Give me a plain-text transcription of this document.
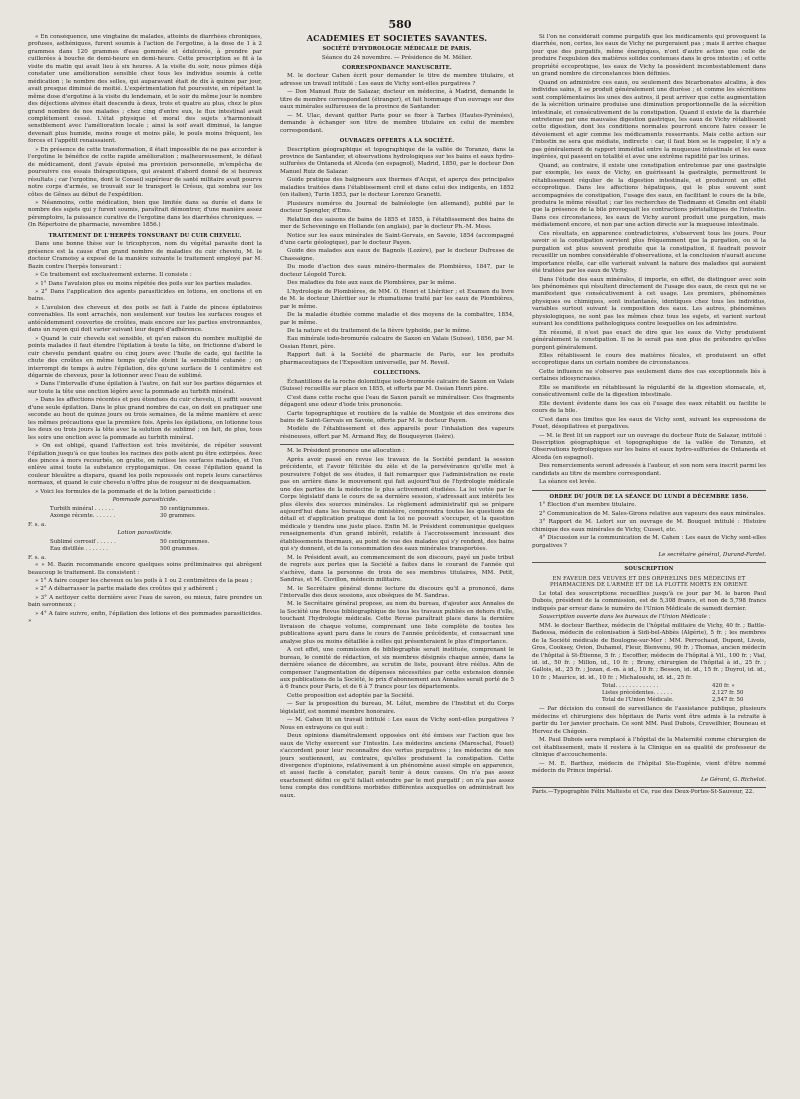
580

« En conséquence, une vingtaine de malades, atteints de diarrhées chroniques, profuses, asthéniques, furent soumis à l'action de l'ergotine, à la dose de 1 à 2 grammes dans 120 grammes d'eau gommée et édulcorée, à prendre par cuillerées à bouche de demi-heure en demi-heure. Cette prescription se fit à la visite du matin qui avait lieu à six heures. A la visite du soir, nous pûmes déjà constater une amélioration sensible chez tous les individus soumis à cette médication ; le nombre des selles, qui auparavant était de dix à quinze par jour, avait presque diminué de moitié. L'expérimentation fut poursuivie, en répétant la même dose d'ergotine à la visite du lendemain, et le soir du même jour le nombre des déjections alvines était descendu à deux, trois et quatre au plus, chez le plus grand nombre de nos malades ; chez cinq d'entre eux, le flux intestinal avait complétement cessé. L'état physique et moral des sujets s'harmonisait sensiblement avec l'amélioration locale ; ainsi la soif avait diminué, la langue devenait plus humide, moins rouge et moins pâle, le pouls moins fréquent, les forces et l'appétit renaissaient.

» En présence de cette transformation, il était impossible de ne pas accorder à l'ergotine le bénéfice de cette rapide amélioration ; malheureusement, le défaut de médicament, dont j'avais épuisé ma provision personnelle, m'empêcha de poursuivre ces essais thérapeutiques, qui avaient d'abord donné de si heureux résultats ; car l'ergotine, dont le Conseil supérieur de santé militaire avait pourvu notre corps d'armée, se trouvait sur le transport le Crésus, qui sombra sur les côtes de Gênes au début de l'expédition.

» Néanmoins, cette médication, bien que limitée dans sa durée et dans le nombre des sujets qui y furent soumis, paraîtrait démontrer, d'une manière assez péremptoire, la puissance curative de l'ergotine dans les diarrhées chroniques. — (In Répertoire de pharmacie, novembre 1856.)

TRAITEMENT DE L'HERPÈS TONSURANT DU CUIR CHEVELU.

Dans une bonne thèse sur le tricophycon, nom du végétal parasite dont la présence est la cause d'un grand nombre de maladies du cuir chevelu, M. le docteur Cramoisy a exposé de la manière suivante le traitement employé par M. Bazin contre l'herpès tonsurant :

» Ce traitement est exclusivement externe. Il consiste :

» 1° Dans l'avulsion plus ou moins répétée des poils sur les parties malades.

» 2° Dans l'application des agents parasiticides en lotions, en onctions et en bains.

» L'avulsion des cheveux et des poils se fait à l'aide de pinces épilatoires convenables. Ils sont arrachés, non seulement sur toutes les surfaces rouges et antécédemment couvertes de croûtes, mais encore sur les parties environnantes, dans un rayon qui doit varier suivant leur degré d'adhérence.

» Quand le cuir chevelu est sensible, et qu'en raison du nombre multiplié de points malades il faut étendre l'épilation à toute la tête, on frictionne d'abord le cuir chevelu pendant quatre ou cinq jours avec l'huile de cade, qui facilite la chute des croûtes en même temps qu'elle éteint la sensibilité cutanée ; on interrompt de temps à autre l'épilation, dès qu'une surface de 1 centimètre est dégarnie de cheveux, pour la lotionner avec l'eau de sublimé.

» Dans l'intervalle d'une épilation à l'autre, on fait sur les parties dégarnies et sur toute la tête une onction légère avec la pommade au turbith minéral.

» Dans les affections récentes et peu étendues du cuir chevelu, il suffit souvent d'une seule épilation. Dans le plus grand nombre de cas, on doit en pratiquer une seconde au bout de quinze jours ou trois semaines, de la même manière et avec les mêmes précautions que la première fois. Après les épilations, on lotionne tous les deux ou trois jours la tête avec la solution de sublimé ; on fait, de plus, tous les soirs une onction avec la pommade au turbith minéral.

» On est obligé, quand l'affection est très invétérée, de répéter souvent l'épilation jusqu'à ce que toutes les racines des poils aient pu être extirpées. Avec des pinces à mors recourbés, on gratte, on ratisse les surfaces malades, et l'on enlève ainsi toute la substance cryptogamique. On cesse l'épilation quand la couleur bleuâtre a disparu, quand les poils repoussés ont repris leurs caractères normaux, et quand le cuir chevelu n'offre plus de rougeur ni de desquamation.

» Voici les formules de la pommade et de la lotion parasiticide :

Pommade parasiticide.
Turbith minéral . . . . . .	50 centigrammes.
Axonge récente. . . . . . .	30 grammes.
F. s. a.
Lotion parasiticide.
Sublimé corrosif . . . . . .	50 centigrammes.
Eau distillée . . . . . . .	500 grammes.
F. s. a.

« » M. Bazin recommande encore quelques soins préliminaires qui abrègent beaucoup le traitement. Ils consistent :

» 1° A faire couper les cheveux ou les poils à 1 ou 2 centimètres de la peau ;

» 2° A débarrasser la partie malade des croûtes qui y adhèrent ;

» 3° A nettoyer cette dernière avec l'eau de savon, ou mieux, faire prendre un bain savonneux ;

» 4° A faire suivre, enfin, l'épilation des lotions et des pommades parasiticides. »

ACADÉMIES ET SOCIÉTÉS SAVANTES.
SOCIÉTÉ D'HYDROLOGIE MÉDICALE DE PARIS.
Séance du 24 novembre. — Présidence de M. Mélier.
CORRESPONDANCE MANUSCRITE.

M. le docteur Cahen écrit pour demander le titre de membre titulaire, et adresse un travail intitulé : Les eaux de Vichy sont-elles purgatives ?

— Don Manuel Ruiz de Salazar, docteur en médecine, à Madrid, demande le titre de membre correspondant (étranger), et fait hommage d'un ouvrage sur des eaux minérales sulfureuses de la province de Santander.

— M. Ulac, devant quitter Paris pour se fixer à Tarbes (Hautes-Pyrénées), demande à échanger son titre de membre titulaire en celui de membre correspondant.

OUVRAGES OFFERTS A LA SOCIÉTÉ.

Description géographique et topographique de la vallée de Toranzo, dans la province de Santander, et observations hydrologiques sur les bains et eaux hydro-sulfurées de Ontaneda et Alceda (en espagnol), Madrid, 1850, par le docteur Don Manuel Ruiz de Salazar.

Guide pratique des baigneurs aux thermes d'Acqui, et aperçu des principales maladies traitées dans l'établissement civil et dans celui des indigents, en 1852 (en italien), Turin 1853, par le docteur Lorenzo Granetti.

Plusieurs numéros du Journal de balnéologie (en allemand), publié par le docteur Spengler, d'Ems.

Relation des saisons de bains de 1855 et 1855, à l'établissement des bains de mer de Scheveningo en Hollande (en anglais), par le docteur Ph.-M. Mess.

Notice sur les eaux minérales de Saint-Gervais, en Savoie, 1854 (accompagné d'une carte géologique), par le docteur Payen.

Guide des malades aux eaux de Bagnols (Lozère), par le docteur Dufresse de Chassaigne.

Du mode d'action des eaux minéro-thermales de Plombières, 1847, par le docteur Léopold Turck.

Des maladies du foie aux eaux de Plombières, par le même.

L'hydrologie de Plombières, de MM. O. Henri et Lhéritier ; et Examen du livre de M. le docteur Lhéritier sur le rhumatisme traité par les eaux de Plombières, par le même.

De la maladie étudiée comme maladie et des moyens de la combattre, 1854, par le même.

De la nature et du traitement de la fièvre typhoïde, par le même.

Eau minérale iodo-bromurée calcaire de Saxon en Valais (Suisse), 1856, par M. Ossian Henri, père.

Rapport fait à la Société de pharmacie de Paris, sur les produits pharmaceutiques de l'Exposition universelle, par M. Reveil.

COLLECTIONS.

Échantillons de la roche dolomitique iodo-bromurée calcaire de Saxon en Valais (Suisse) recueillis sur place en 1855, et offerts par M. Ossian Henri père.

C'est dans cette roche que l'eau de Saxon paraît se minéraliser. Ces fragments dégagent une odeur d'iode très prononcée.

Carte topographique et routière de la vallée de Montjoie et des environs des bains de Saint-Gervais en Savoie, offerte par M. le docteur Payen.

Modèle de l'établissement et des appareils pour l'inhalation des vapeurs résineuses, offert par M. Armand Rey, de Bouqueyron (Isère).

M. le Président prononce une allocution :

Après avoir passé en revue les travaux de la Société pendant la session précédente, et l'avoir félicitée du zèle et de la persévérance qu'elle met à poursuivre l'objet de ses études, il fait remarquer que l'administration ne reste pas en arrière dans le mouvement qui fait aujourd'hui de l'hydrologie médicale une des parties de la médecine le plus activement étudiées. La loi votée par le Corps législatif dans le cours de sa dernière session, s'adressait aux intérêts les plus élevés des sources minérales. Le règlement administratif qui se prépare aujourd'hui dans les bureaux du ministère, comprendra toutes les questions de détail et d'application pratique dont la loi ne pouvait s'occuper, et la question médicale y tiendra une juste place. Enfin M. le Président communique quelques renseignements d'un grand intérêt, relatifs à l'accroissement incessant des établissements thermaux, au point de vue des malades qui s'y rendent, des bains qui s'y donnent, et de la consommation des eaux minérales transportées.

M. le Président avait, au commencement de son discours, payé un juste tribut de regrets aux pertes que la Société a faites dans le courant de l'année qui s'achève, dans la personne de trois de ses membres titulaires, MM. Petit, Sandras, et M. Cuvillon, médecin militaire.

M. le Secrétaire général donne lecture du discours qu'il a prononcé, dans l'intervalle des deux sessions, aux obsèques de M. Sandras.

M. le Secrétaire général propose, au nom du bureau, d'ajouter aux Annales de la Société une Revue bibliographique de tous les travaux publiés en dehors d'elle, touchant l'hydrologie médicale. Cette Revue paraîtrait place dans la dernière livraison de chaque volume, comprenant une liste complète de toutes les publications ayant paru dans le cours de l'année précédente, et consacrant une analyse plus ou moins détaillée à celles qui présenteraient le plus d'importance.

A cet effet, une commission de bibliographie serait instituée, comprenant le bureau, le comité de rédaction, et six membres désignés chaque année, dans la dernière séance de décembre, au scrutin de liste, pouvant être réélus. Afin de compenser l'augmentation de dépenses nécessitées par cette extension donnée aux publications de la Société, le prix d'abonnement aux Annales serait porté de 5 à 6 francs pour Paris, et de 6 à 7 francs pour les départements.

Cette proposition est adoptée par la Société.

— Sur la proposition du bureau, M. Lélut, membre de l'Institut et du Corps législatif, est nommé membre honoraire.

— M. Cahen lit un travail intitulé : Les eaux de Vichy sont-elles purgatives ? Nous en extrayons ce qui suit :

Deux opinions diamétralement opposées ont été émises sur l'action que les eaux de Vichy exercent sur l'intestin. Les médecins anciens (Mareschal, Fouet) s'accordent pour leur reconnaître des vertus purgatives ; les médecins de nos jours soutiennent, au contraire, qu'elles produisent la constipation. Cette divergence d'opinions, relativement à un phénomène aussi simple en apparence, et aussi facile à constater, paraît tenir à deux causes. On n'a pas assez exactement défini ce qu'il fallait entendre par le mot purgatif ; on n'a pas assez tenu compte des conditions morbides différentes auxquelles on administrait les eaux.

Si l'on ne considérait comme purgatifs que les médicaments qui provoquent la diarrhée, non, certes, les eaux de Vichy ne purgeraient pas ; mais il arrive chaque jour que des purgatifs, même énergiques, n'ont d'autre action que celle de produire l'expulsion des matières solides contenues dans le gros intestin ; et cette propriété eccoprotique, les eaux de Vichy la possèdent incontestablement dans un grand nombre de circonstances bien définies.

Quand on administre ces eaux, ou seulement des bicarbonates alcalins, à des individus sains, il se produit généralement une diurèse ; et comme les sécrétions sont complémentaires les unes des autres, il peut arriver que cette augmentation de la sécrétion urinaire produise une diminution proportionnelle de la sécrétion intestinale, et consécutivement de la constipation. Quand il existe de la diarrhée entretenue par une mauvaise digestion gastrique, les eaux de Vichy rétablissent cette digestion, dont les conditions normales pourront encore faire cesser le dévoiement et agir comme les médicaments resserrants. Mais cette action sur l'intestin ne sera que médiate, indirecte : car, il faut bien se le rappeler, il n'y a pas généralement de rapport immédiat entre la muqueuse intestinale et les eaux ingérées, qui passent en totalité et avec une extrême rapidité par les urines.

Quand, au contraire, il existe une constipation entretenue par une gastralgie par exemple, les eaux de Vichy, en guérissant la gastralgie, permettront le rétablissement régulier de la digestion intestinale, et produiront un effet eccoprotique. Dans les affections hépatiques, qui le plus souvent sont accompagnées de constipation, l'usage des eaux, en facilitant le cours de la bile, produira le même résultat ; car les recherches de Tiedmann et Gmelin ont établi que la présence de la bile provoquait les contractions péristaltiques de l'intestin. Dans ces circonstances, les eaux de Vichy auront produit une purgation, mais médiatement encore, et non par une action directe sur la muqueuse intestinale.

Ces résultats, en apparence contradictoires, s'observent tous les jours. Pour savoir si la constipation survient plus fréquemment que la purgation, ou si la purgation est plus souvent produite que la constipation, il faudrait pouvoir recueillir un nombre considérable d'observations, et la conclusion n'aurait aucune importance réelle, car elle varierait suivant la nature des maladies qui auraient été traitées par les eaux de Vichy.

Dans l'étude des eaux minérales, il importe, en effet, de distinguer avec soin les phénomènes qui résultent directement de l'usage des eaux, de ceux qui ne se manifestent que consécutivement à cet usage. Les premiers, phénomènes physiques ou chimiques, sont instantanés, identiques chez tous les individus, variables surtout suivant la composition des eaux. Les autres, phénomènes physiologiques, ne sont pas les mêmes chez tous les sujets, et varient surtout suivant les conditions pathologiques contre lesquelles on les administre.

En résumé, il n'est pas exact de dire que les eaux de Vichy produisent généralement la constipation. Il ne le serait pas non plus de prétendre qu'elles purgent généralement.

Elles rétablissent le cours des matières fécales, et produisent un effet eccoprotique dans un certain nombre de circonstances.

Cette influence ne s'observe pas seulement dans des cas exceptionnels liés à certaines idiosyncrasies.

Elle se manifeste en rétablissant la régularité de la digestion stomacale, et, consécutivement celle de la digestion intestinale.

Elle devient évidente dans les cas où l'usage des eaux rétablit ou facilite le cours de la bile.

C'est dans ces limites que les eaux de Vichy sont, suivant les expressions de Fouet, désopilatives et purgatives.

— M. le Bret lit un rapport sur un ouvrage du docteur Ruiz de Salazar, intitulé : Description géographique et topographique de la vallée de Toranzo, et Observations hydrologiques sur les bains et eaux hydro-sulfurées de Ontaneda et Alceda (en espagnol).

Des remerciements seront adressés à l'auteur, et son nom sera inscrit parmi les candidats au titre de membre correspondant.

La séance est levée.

ORDRE DU JOUR DE LA SÉANCE DU LUNDI 8 DÉCEMBRE 1856.

1° Élection d'un membre titulaire.

2° Communication de M. Sales-Girons relative aux vapeurs des eaux minérales.

3° Rapport de M. Lefort sur un ouvrage de M. Bouquet intitulé : Histoire chimique des eaux minérales de Vichy, Cusset, etc.

4° Discussion sur la communication de M. Cahen : Les eaux de Vichy sont-elles purgatives ?

Le secrétaire général, Durand-Fardel.
SOUSCRIPTION
EN FAVEUR DES VEUVES ET DES ORPHELINS DES MÉDECINS ET PHARMACIENS DE L'ARMÉE ET DE LA FLOTTE MORTS EN ORIENT.

Le total des souscriptions recueillies jusqu'à ce jour par M. le baron Paul Dubois, président de la commission, est de 5,308 francs, et non de 5,798 francs indiqués par erreur dans le numéro de l'Union Médicale de samedi dernier.

Souscription ouverte dans les bureaux de l'Union Médicale :

MM. le docteur Barthez, médecin de l'hôpital militaire de Vichy, 40 fr. ; Battle-Badessa, médecin de colonisation à Sidi-bel-Abbès (Algérie), 5 fr. ; les membres de la Société médicale de Boulogne-sur-Mer : MM. Perrochaud, Dupont, Livois, Gros, Cooksey, Ovion, Duhamel, Fleur, Bienvenu, 90 fr. ; Thomas, ancien médecin de l'hôpital à St-Étienne, 5 fr. ; Escoffier, médecin de l'hôpital à Vil., 100 fr. ; Vial, id. id., 50 fr. ; Millon, id., 10 fr. ; Bruny, chirurgien de l'hôpital à id., 25 fr. ; Gallois, id., 25 fr. ; Jozan, d.-m. à id., 10 fr. ; Besson, id. id., 15 fr. ; Duyrol, id. id., 10 fr. ; Maurice, id. id., 10 fr. ; Michaloushi, id. id., 25 fr.

Total. . . . . . . . . . . . .	420 fr. »
Listes précédentes. . . . . .	2,127 fr. 50
Total de l'Union Médicale.	2,547 fr. 50

— Par décision du conseil de surveillance de l'assistance publique, plusieurs médecins et chirurgiens des hôpitaux de Paris vont être admis à la retraite à partir du 1er janvier prochain. Ce sont MM. Paul Dubois, Cruveilhier, Bouneau et Hervez de Chégoin.

M. Paul Dubois sera remplacé à l'hôpital de la Maternité comme chirurgien de cet établissement, mais il restera à la Clinique en sa qualité de professeur de clinique d'accouchements.

— M. E. Barthez, médecin de l'hôpital Ste-Eugénie, vient d'être nommé médecin du Prince impérial.

Le Gérant, G. Richelot.
Paris.—Typographie Félix Malteste et Ce, rue des Deux-Portes-St-Sauveur, 22.
